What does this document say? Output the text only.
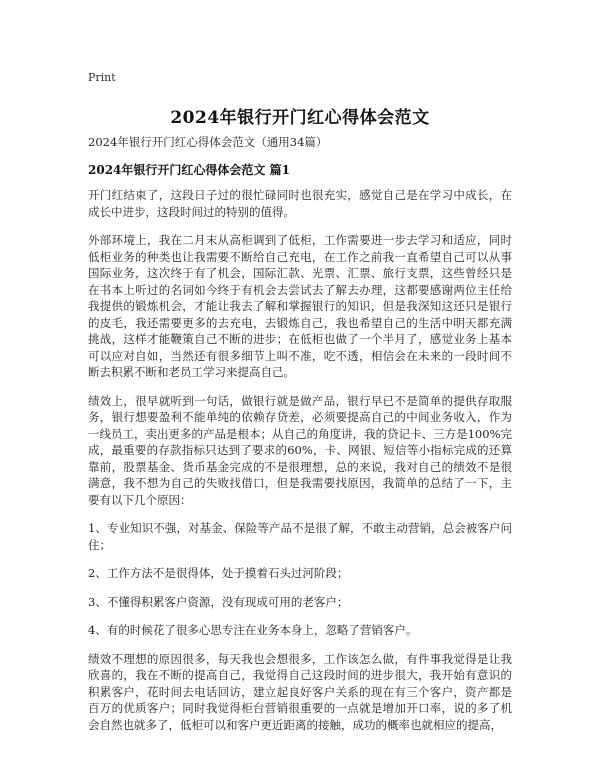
Print
2024年银行开门红心得体会范文
2024年银行开门红心得体会范文（通用34篇）
2024年银行开门红心得体会范文 篇1

开门红结束了，这段日子过的很忙碌同时也很充实，感觉自己是在学习中成长，在成长中进步，这段时间过的特别的值得。

外部环境上，我在二月末从高柜调到了低柜，工作需要进一步去学习和适应，同时低柜业务的种类也让我需要不断给自己充电，在工作之前我一直希望自己可以从事国际业务，这次终于有了机会，国际汇款、光票、汇票、旅行支票，这些曾经只是在书本上听过的名词如今终于有机会去尝试去了解去办理，这都要感谢两位主任给我提供的锻炼机会，才能让我去了解和掌握银行的知识，但是我深知这还只是银行的皮毛，我还需要更多的去充电，去锻炼自己，我也希望自己的生活中明天都充满挑战，这样才能鞭策自己不断的进步；在低柜也做了一个半月了，感觉业务上基本可以应对自如，当然还有很多细节上叫不准，吃不透，相信会在未来的一段时间不断去积累不断和老员工学习来提高自己。

绩效上，很早就听到一句话，做银行就是做产品，银行早已不是简单的提供存取服务，银行想要盈利不能单纯的依赖存贷差，必须要提高自己的中间业务收入，作为一线员工，卖出更多的产品是根本；从自己的角度讲，我的贷记卡、三方是100%完成，最重要的存款指标只达到了要求的60%，卡、网银、短信等小指标完成的还算靠前，股票基金、货币基金完成的不是很理想，总的来说，我对自己的绩效不是很满意，我不想为自己的失败找借口，但是我需要找原因，我简单的总结了一下，主要有以下几个原因：

1、专业知识不强，对基金、保险等产品不是很了解，不敢主动营销，总会被客户问住；

2、工作方法不是很得体，处于摸着石头过河阶段；

3、不懂得积累客户资源，没有现成可用的老客户；

4、有的时候花了很多心思专注在业务本身上，忽略了营销客户。

绩效不理想的原因很多，每天我也会想很多，工作该怎么做，有件事我觉得是让我欣喜的，我在不断的提高自己，我觉得自己这段时间的进步很大，我开始有意识的积累客户，花时间去电话回访，建立起良好客户关系的现在有三个客户，资产都是百万的优质客户；同时我觉得柜台营销很重要的一点就是增加开口率，说的多了机会自然也就多了，低柜可以和客户更近距离的接触，成功的概率也就相应的提高，
